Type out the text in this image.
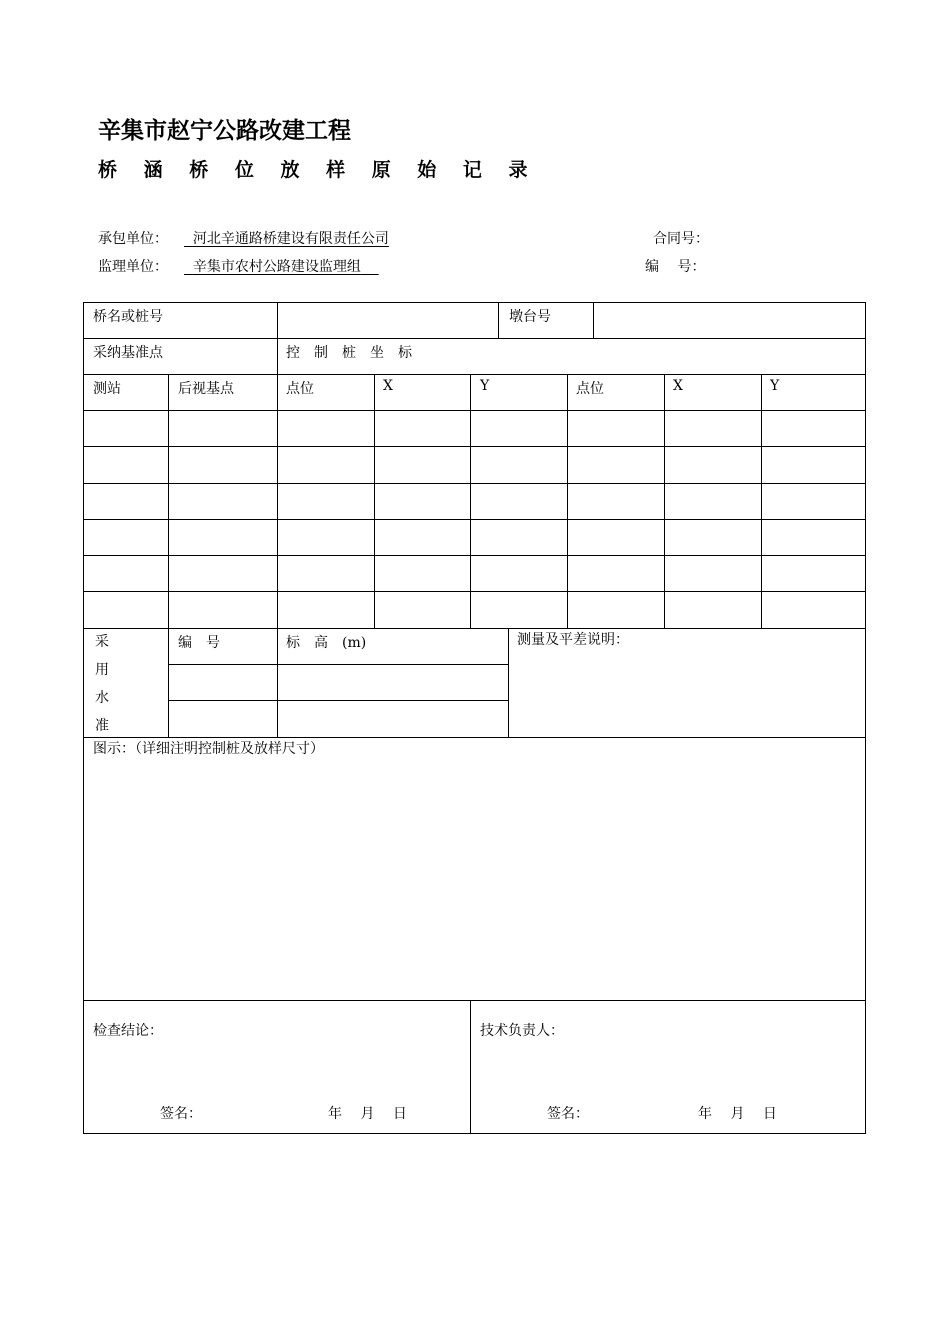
辛集市赵宁公路改建工程
桥 涵 桥 位 放 样 原 始 记 录
承包单位：	河北辛通路桥建设有限责任公司	合同号：
监理单位：	辛集市农村公路建设监理组	编　 号：
桥名或桩号	墩台号
采纳基准点	控　制　桩　坐　标
测站	后视基点	点位	X	Y	点位	X	Y
采
用
水
准
编　号	标　高　(m)	测量及平差说明：
图示：（详细注明控制桩及放样尺寸）
检查结论：
签名：	年　 月　 日
技术负责人：
签名：	年　 月　 日
